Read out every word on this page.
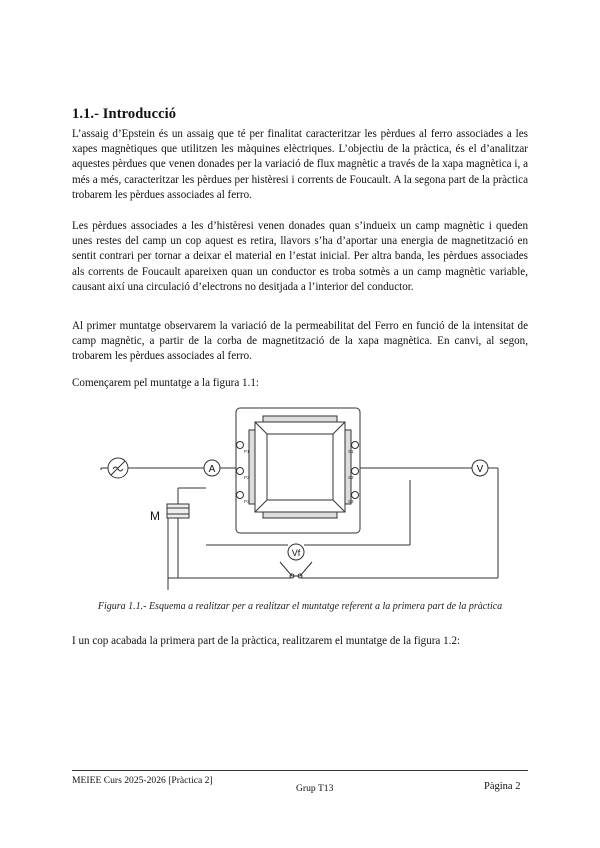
1.1.- Introducció

L’assaig d’Epstein és un assaig que té per finalitat caracteritzar les pèrdues al ferro associades a les xapes magnètiques que utilitzen les màquines elèctriques. L’objectiu de la pràctica, és el d’analitzar aquestes pèrdues que venen donades per la variació de flux magnètic a través de la xapa magnètica i, a més a més, caracteritzar les pèrdues per histèresi i corrents de Foucault. A la segona part de la pràctica trobarem les pèrdues associades al ferro.

Les pèrdues associades a les d’histèresi venen donades quan s’indueix un camp magnètic i queden unes restes del camp un cop aquest es retira, llavors s’ha d’aportar una energia de magnetització en sentit contrari per tornar a deixar el material en l’estat inicial. Per altra banda, les pèrdues associades als corrents de Foucault apareixen quan un conductor es troba sotmès a un camp magnètic variable, causant així una circulació d’electrons no desitjada a l’interior del conductor.

Al primer muntatge observarem la variació de la permeabilitat del Ferro en funció de la intensitat de camp magnètic, a partir de la corba de magnetització de la xapa magnètica. En canvi, al segon, trobarem les pèrdues associades al ferro.

Començarem pel muntatge a la figura 1.1:

A	V
Vf
M
P1
P2
P3
S1
S2
S3

Figura 1.1.- Esquema a realitzar per a realitzar el muntatge referent a la primera part de la pràctica

I un cop acabada la primera part de la pràctica, realitzarem el muntatge de la figura 1.2:

MEIEE Curs 2025-2026 [Pràctica 2]

Grup T13	Pàgina 2
